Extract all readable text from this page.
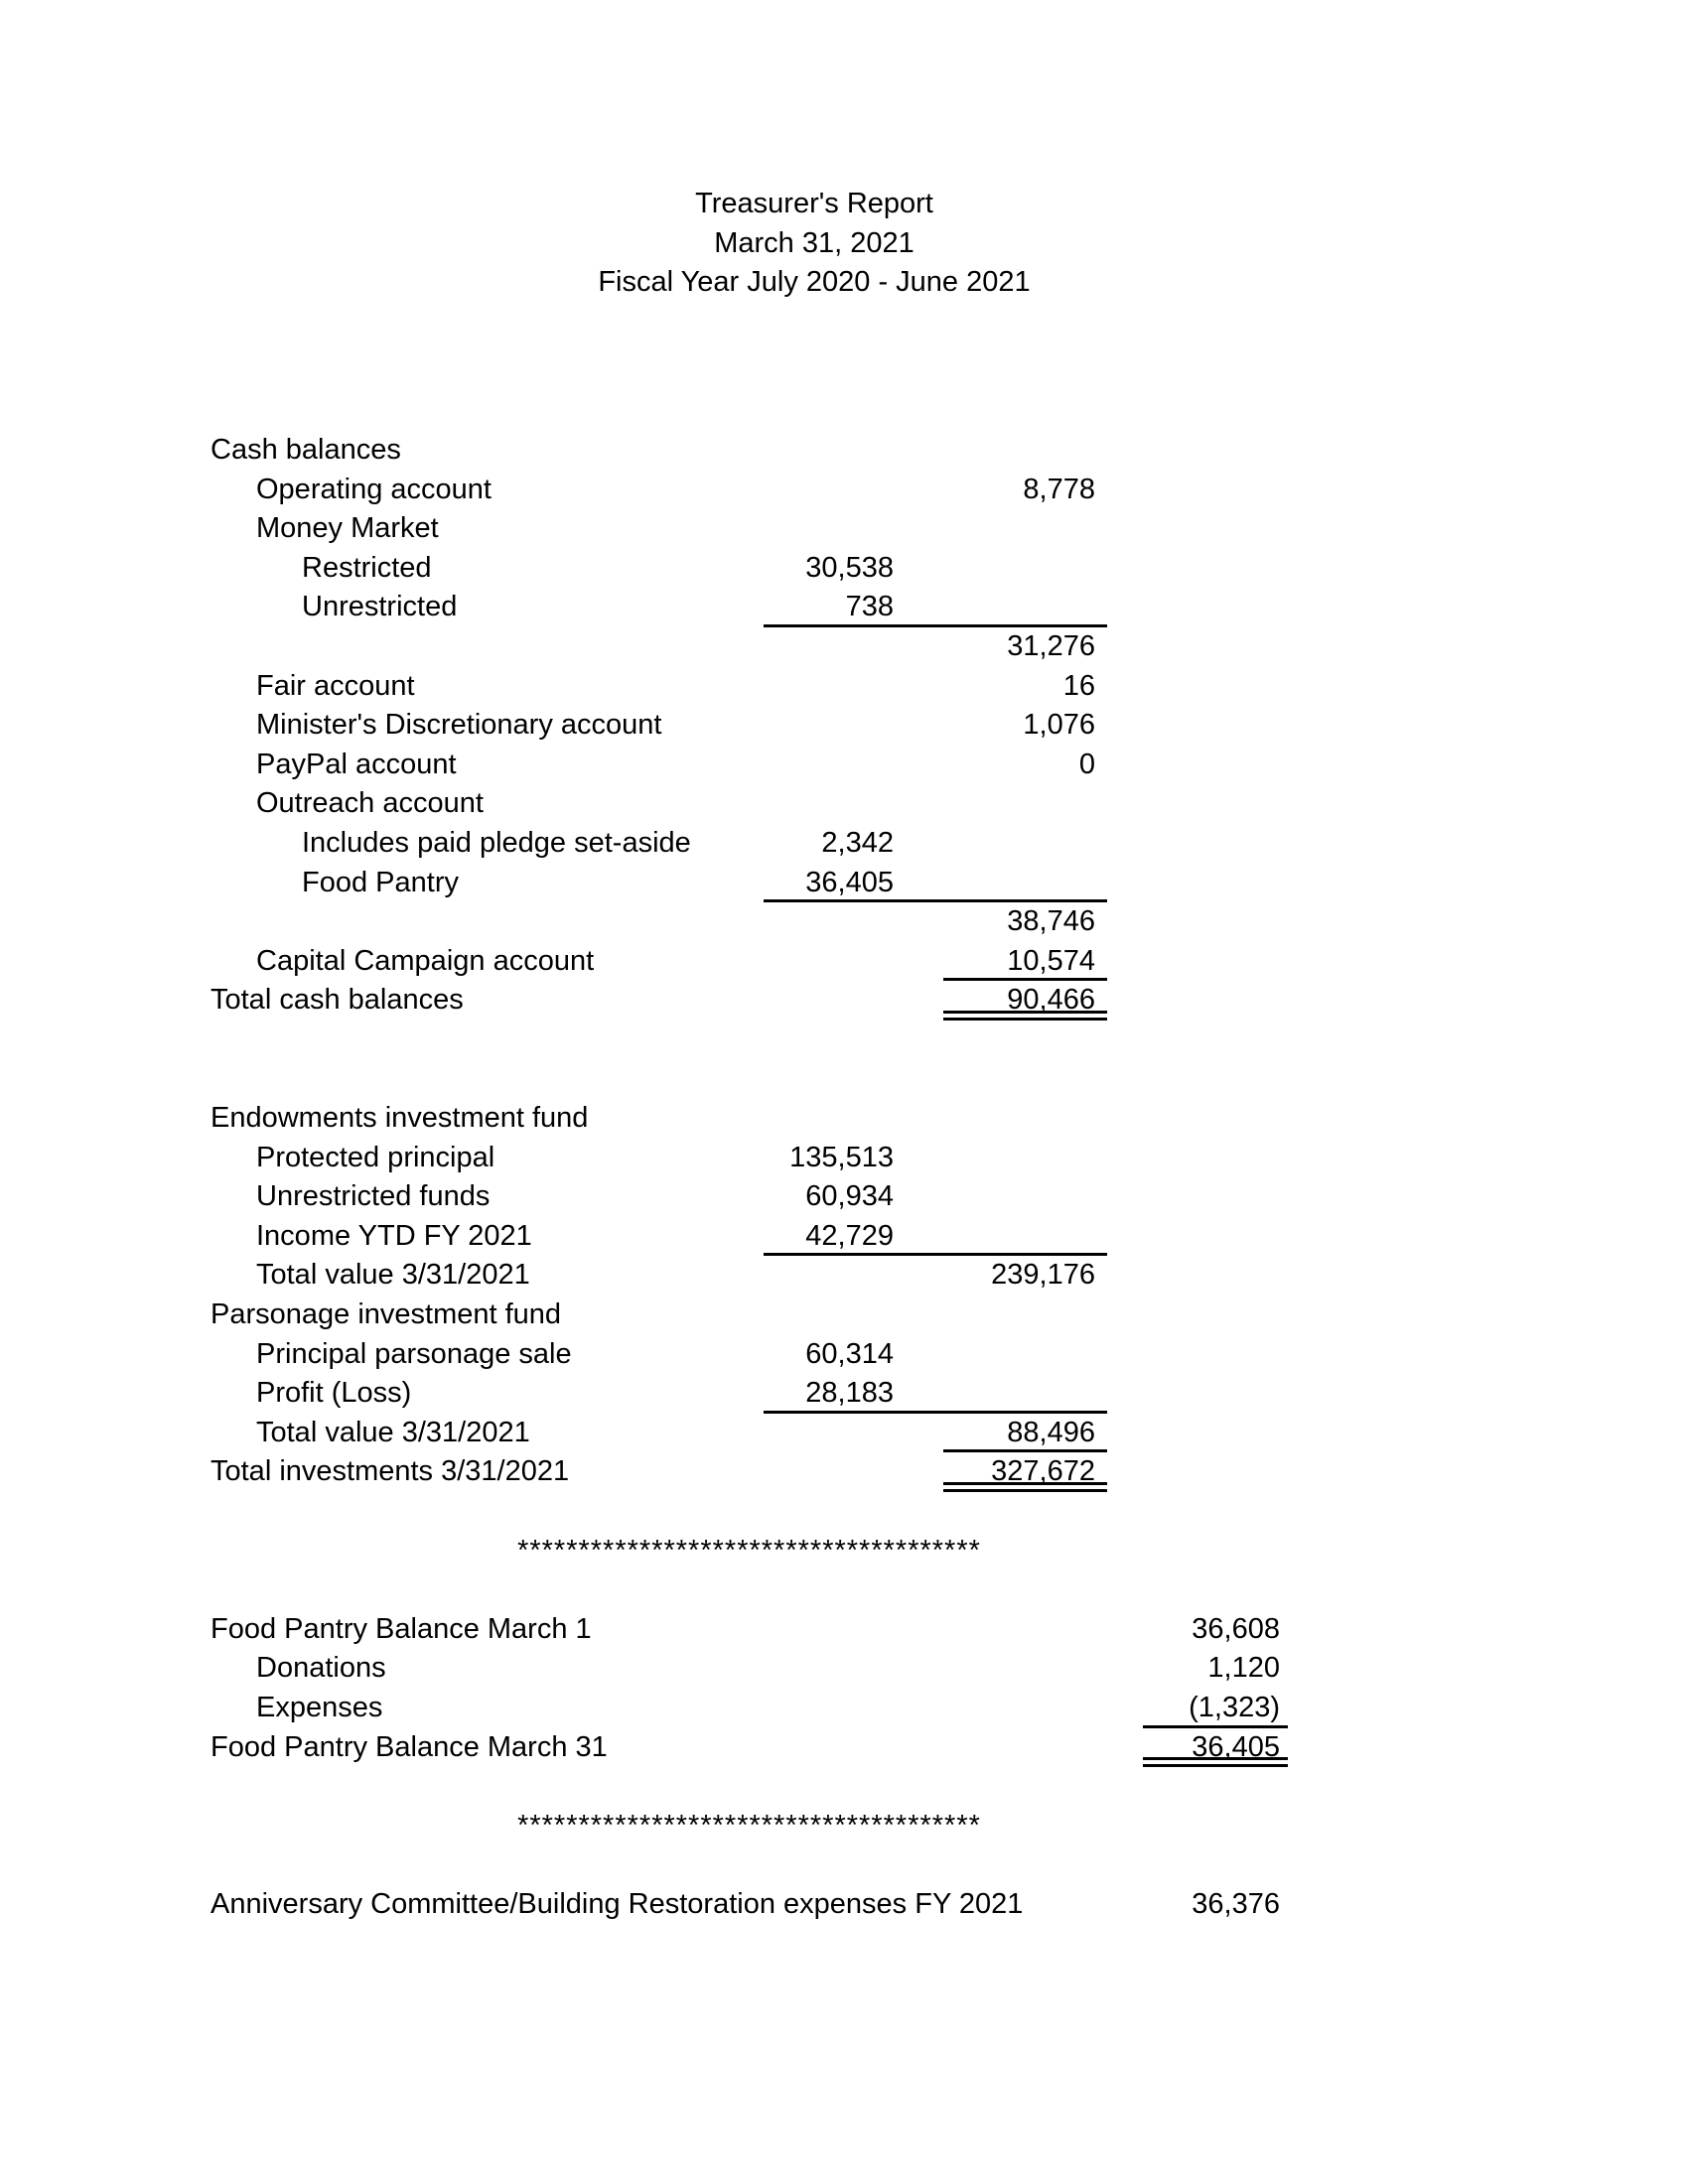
Treasurer's Report
March 31, 2021
Fiscal Year July 2020 - June 2021
Cash balances
Operating account	8,778
Money Market
Restricted	30,538
Unrestricted	738
31,276
Fair account	16
Minister's Discretionary account	1,076
PayPal account	0
Outreach account
Includes paid pledge set-aside	2,342
Food Pantry	36,405
38,746
Capital Campaign account	10,574
Total cash balances	90,466
Endowments investment fund
Protected principal	135,513
Unrestricted funds	60,934
Income YTD FY 2021	42,729
Total value 3/31/2021	239,176
Parsonage investment fund
Principal parsonage sale	60,314
Profit (Loss)	28,183
Total value 3/31/2021	88,496
Total investments 3/31/2021	327,672
**************************************
Food Pantry Balance March 1	36,608
Donations	1,120
Expenses	(1,323)
Food Pantry Balance March 31	36,405
**************************************
Anniversary Committee/Building Restoration expenses FY 2021	36,376
